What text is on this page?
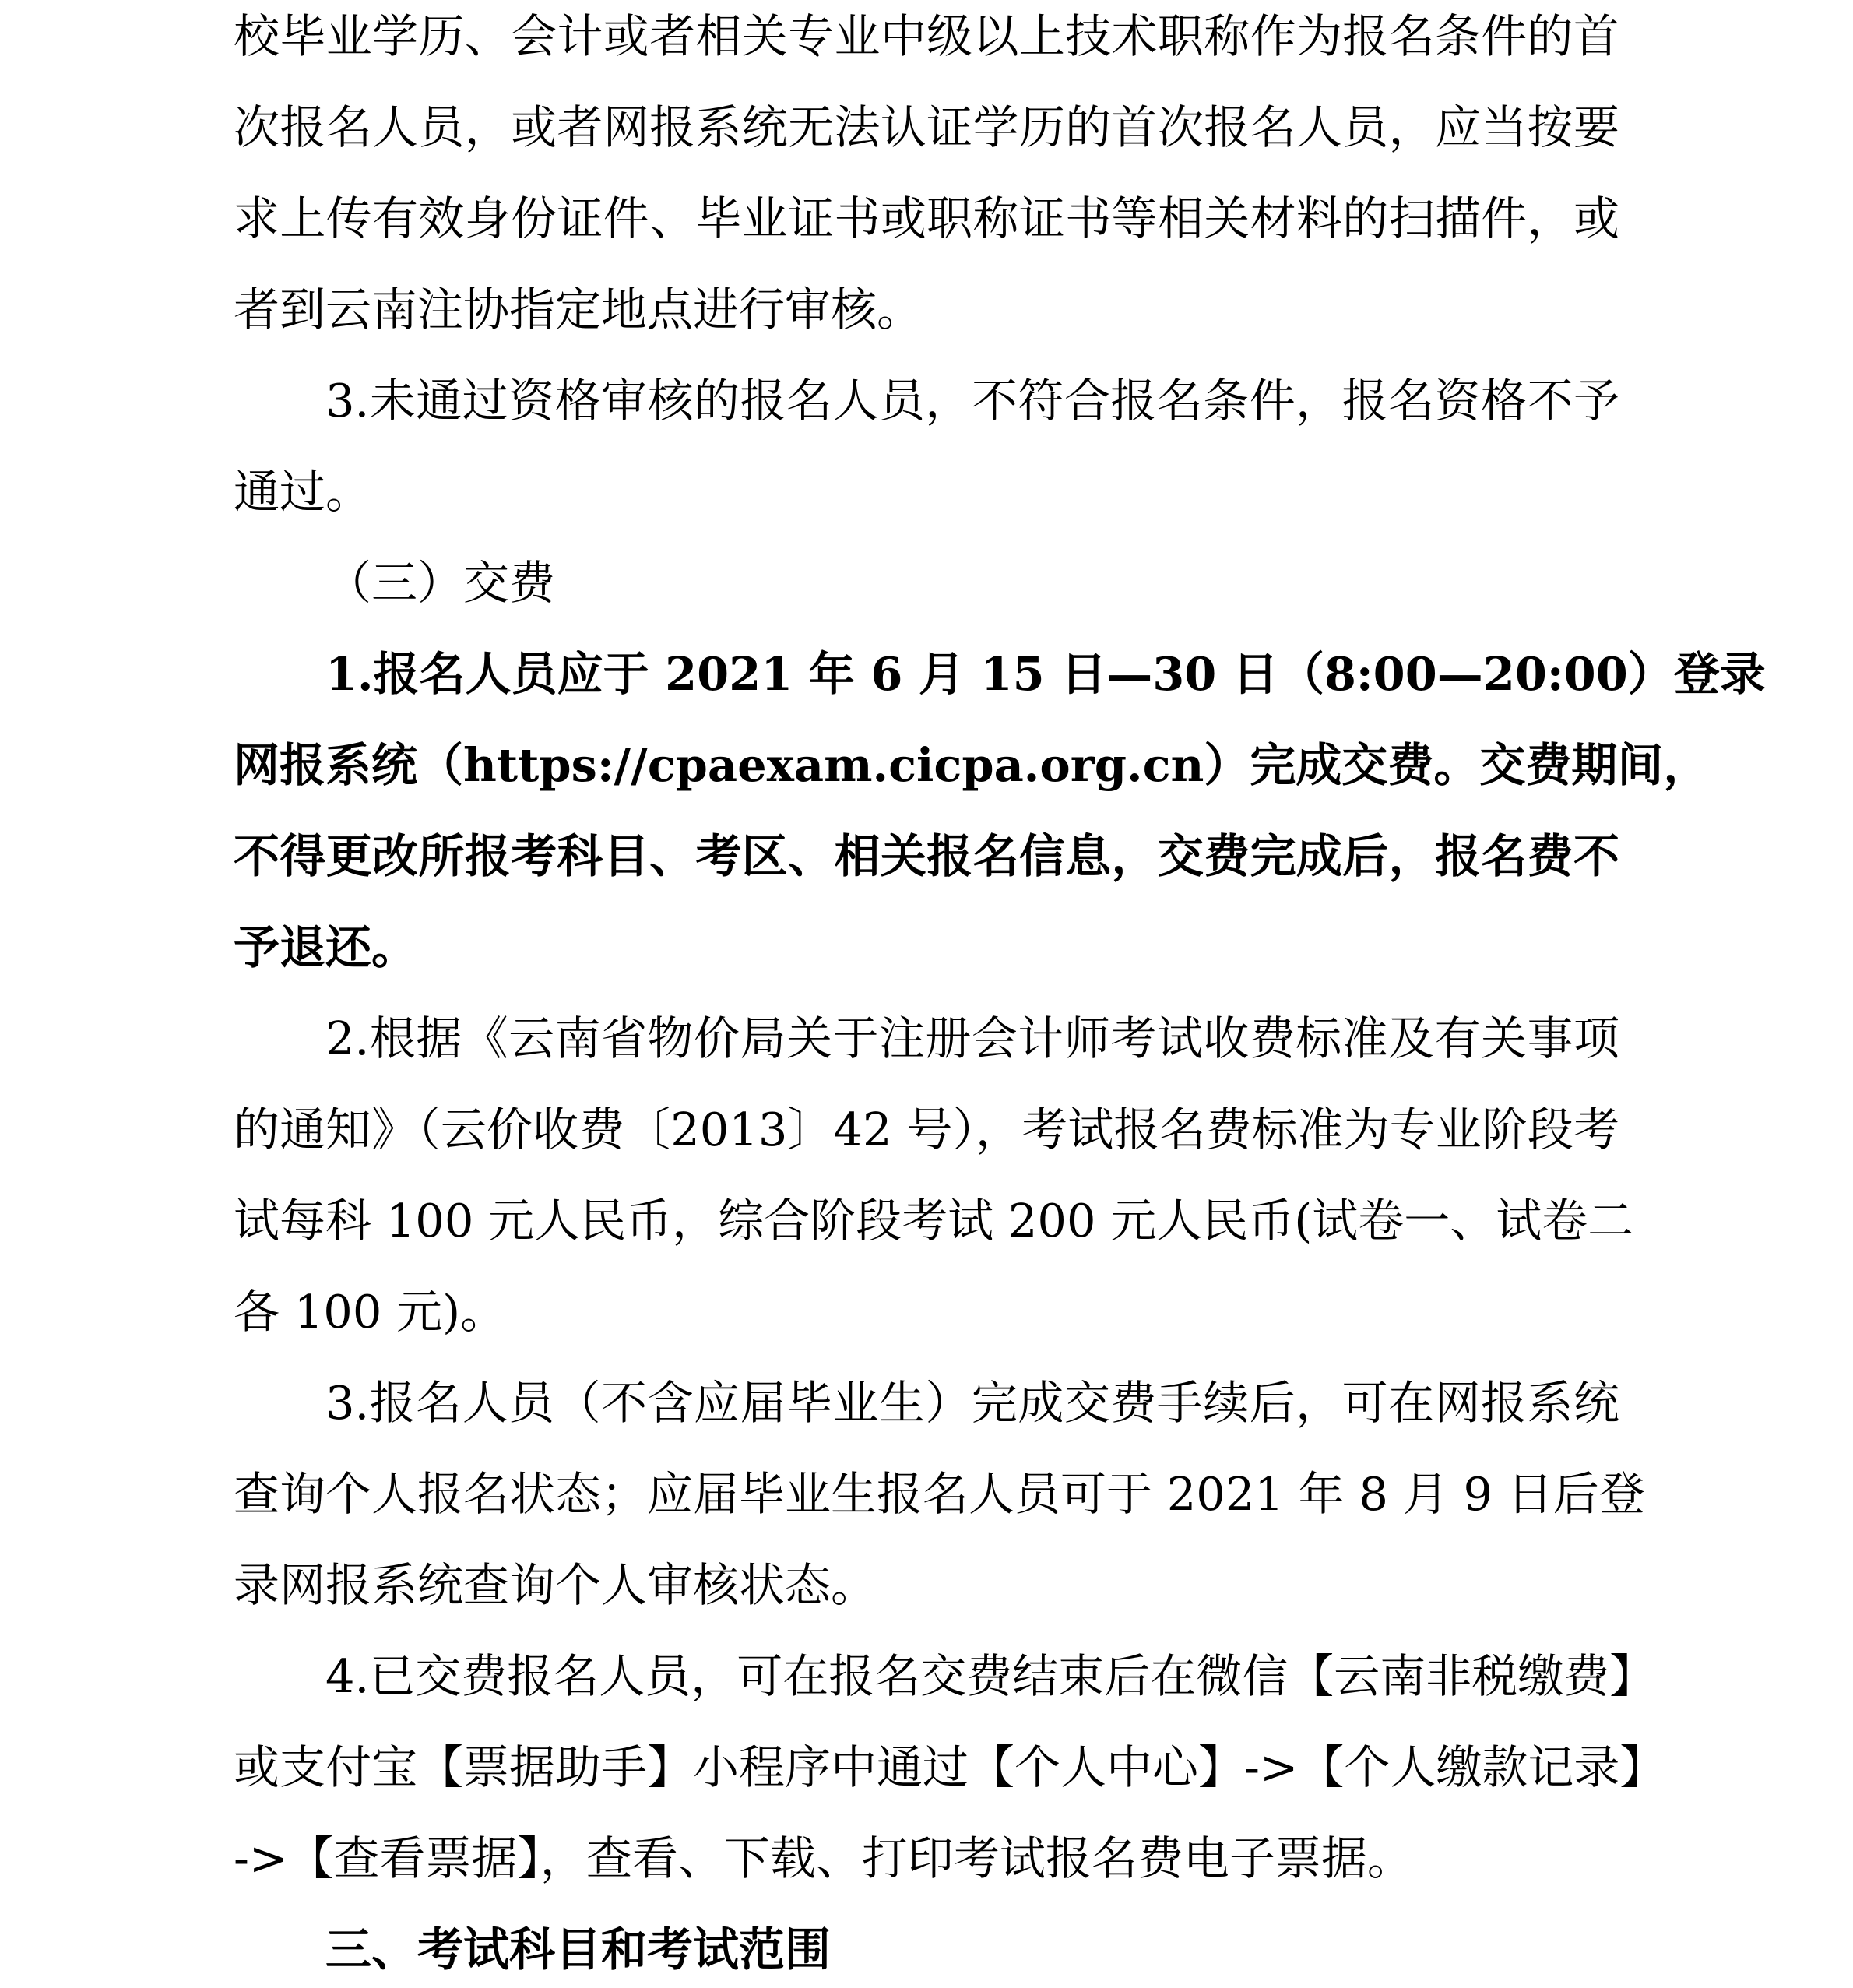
校毕业学历、会计或者相关专业中级以上技术职称作为报名条件的首
次报名人员，或者网报系统无法认证学历的首次报名人员，应当按要
求上传有效身份证件、毕业证书或职称证书等相关材料的扫描件，或
者到云南注协指定地点进行审核。
3.未通过资格审核的报名人员，不符合报名条件，报名资格不予
通过。
（三）交费
1.报名人员应于 2021 年 6 月 15 日—30 日（8:00—20:00）登录
网报系统（https://cpaexam.cicpa.org.cn）完成交费。交费期间，
不得更改所报考科目、考区、相关报名信息，交费完成后，报名费不
予退还。
2.根据《云南省物价局关于注册会计师考试收费标准及有关事项
的通知》（云价收费〔2013〕42 号），考试报名费标准为专业阶段考
试每科 100 元人民币，综合阶段考试 200 元人民币(试卷一、试卷二
各 100 元)。
3.报名人员（不含应届毕业生）完成交费手续后，可在网报系统
查询个人报名状态；应届毕业生报名人员可于 2021 年 8 月 9 日后登
录网报系统查询个人审核状态。
4.已交费报名人员，可在报名交费结束后在微信【云南非税缴费】
或支付宝【票据助手】小程序中通过【个人中心】->【个人缴款记录】
->【查看票据】，查看、下载、打印考试报名费电子票据。
三、考试科目和考试范围
